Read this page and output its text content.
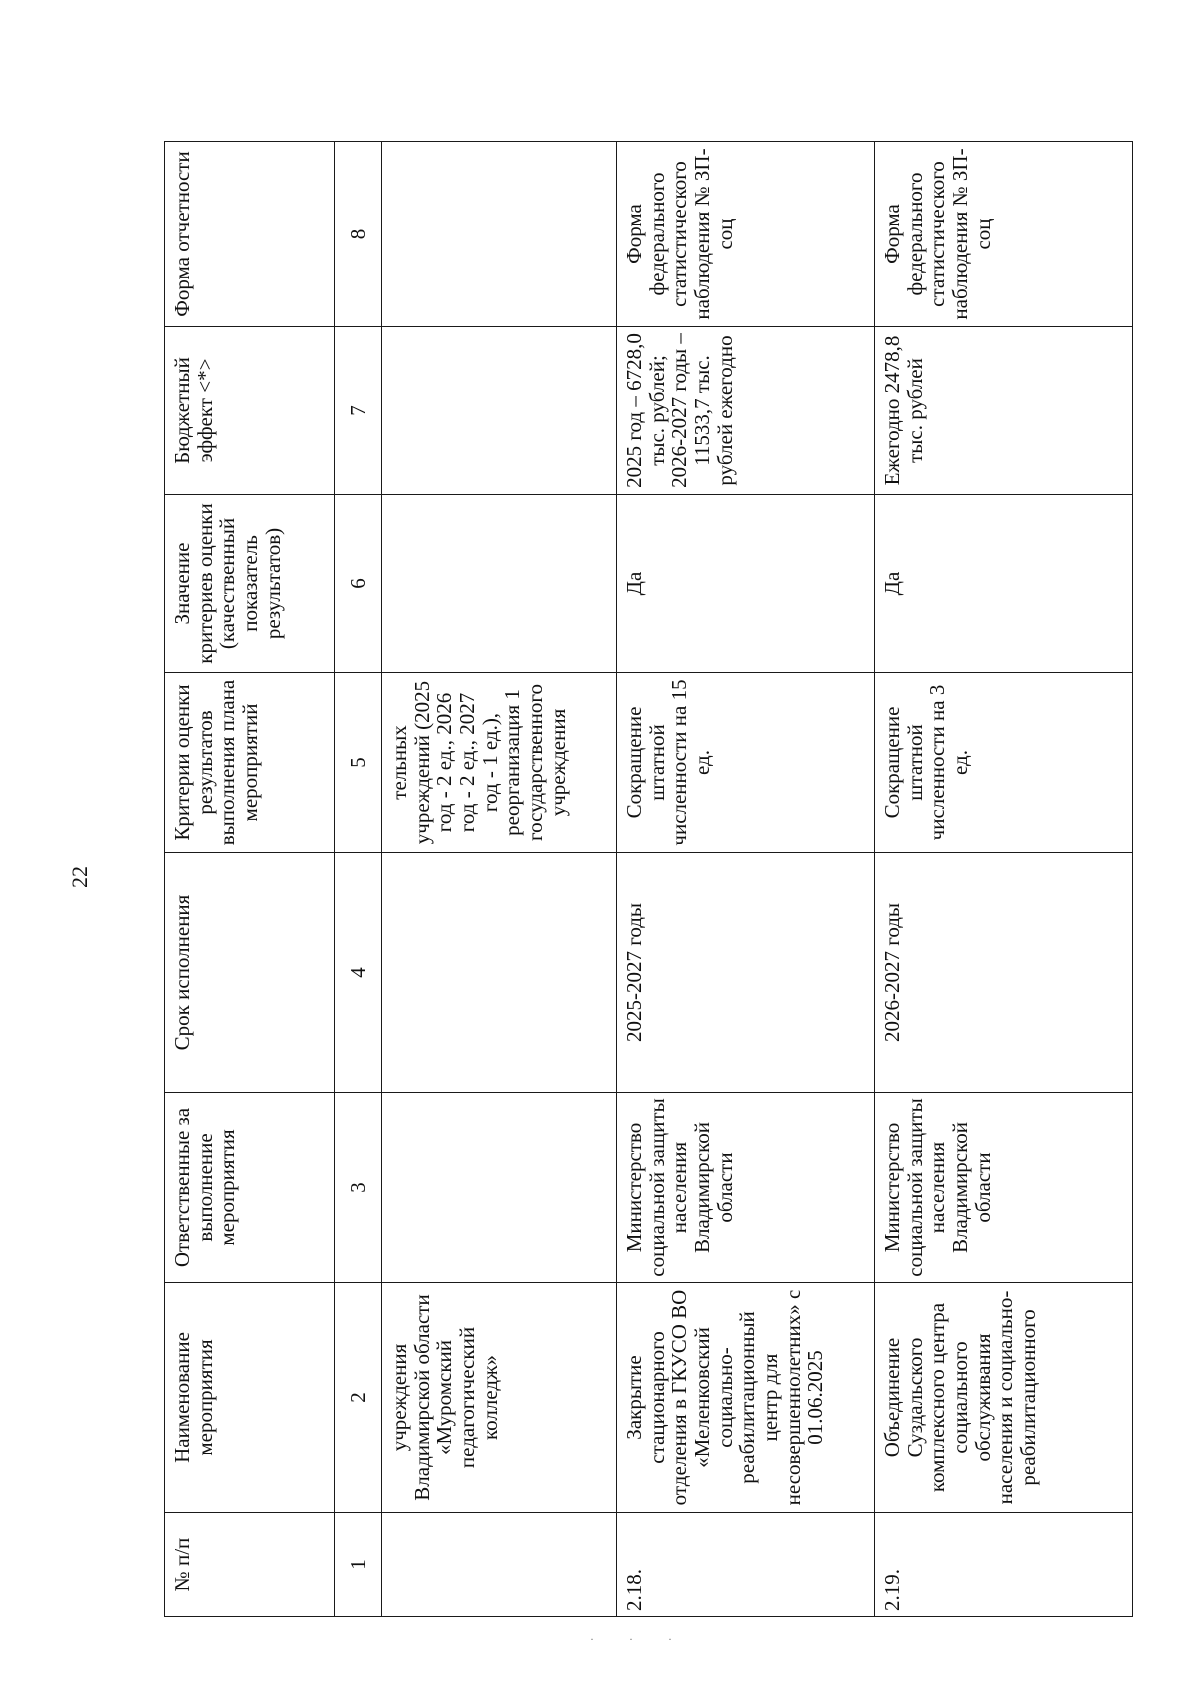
22
№ п/п	Наименование мероприятия	Ответственные за выполнение мероприятия	Срок исполнения	Критерии оценки результатов выполнения плана мероприятий	Значение критериев оценки (качественный показатель результатов)	Бюджетный эффект <*>	Форма отчетности
1	2	3	4	5	6	7	8
	учреждения Владимирской области «Муромский педагогический колледж»			тельных учреждений (2025 год - 2 ед., 2026 год - 2 ед., 2027 год - 1 ед.), реорганизация 1 государственного учреждения			
2.18.	Закрытие стационарного отделения в ГКУСО ВО «Меленковский социально-реабилитационный центр для несовершеннолетних» с 01.06.2025	Министерство социальной защиты населения Владимирской области	2025-2027 годы	Сокращение штатной численности на 15 ед.	Да	2025 год – 6728,0 тыс. рублей; 2026-2027 годы – 11533,7 тыс. рублей ежегодно	Форма федерального статистического наблюдения № ЗП-соц
2.19.	Объединение Суздальского комплексного центра социального обслуживания населения и социально-реабилитационного	Министерство социальной защиты населения Владимирской области	2026-2027 годы	Сокращение штатной численности на 3 ед.	Да	Ежегодно 2478,8 тыс. рублей	Форма федерального статистического наблюдения № ЗП-соц
· · ·
